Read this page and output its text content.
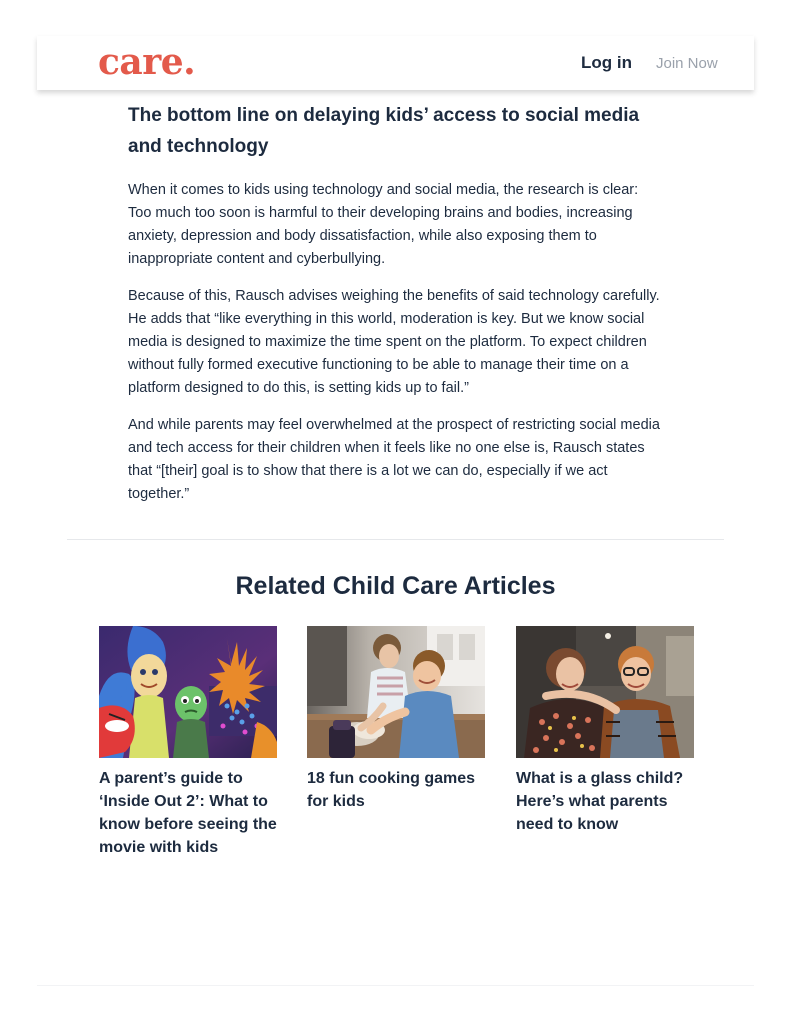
care.	Log in Join Now
The bottom line on delaying kids’ access to social media and technology

When it comes to kids using technology and social media, the research is clear: Too much too soon is harmful to their developing brains and bodies, increasing anxiety, depression and body dissatisfaction, while also exposing them to inappropriate content and cyberbullying.

Because of this, Rausch advises weighing the benefits of said technology carefully. He adds that “like everything in this world, moderation is key. But we know social media is designed to maximize the time spent on the platform. To expect children without fully formed executive functioning to be able to manage their time on a platform designed to do this, is setting kids up to fail.”

And while parents may feel overwhelmed at the prospect of restricting social media and tech access for their children when it feels like no one else is, Rausch states that “[their] goal is to show that there is a lot we can do, especially if we act together.”

Related Child Care Articles
A parent’s guide to ‘Inside Out 2’: What to know before seeing the movie with kids
18 fun cooking games for kids
What is a glass child? Here’s what parents need to know
